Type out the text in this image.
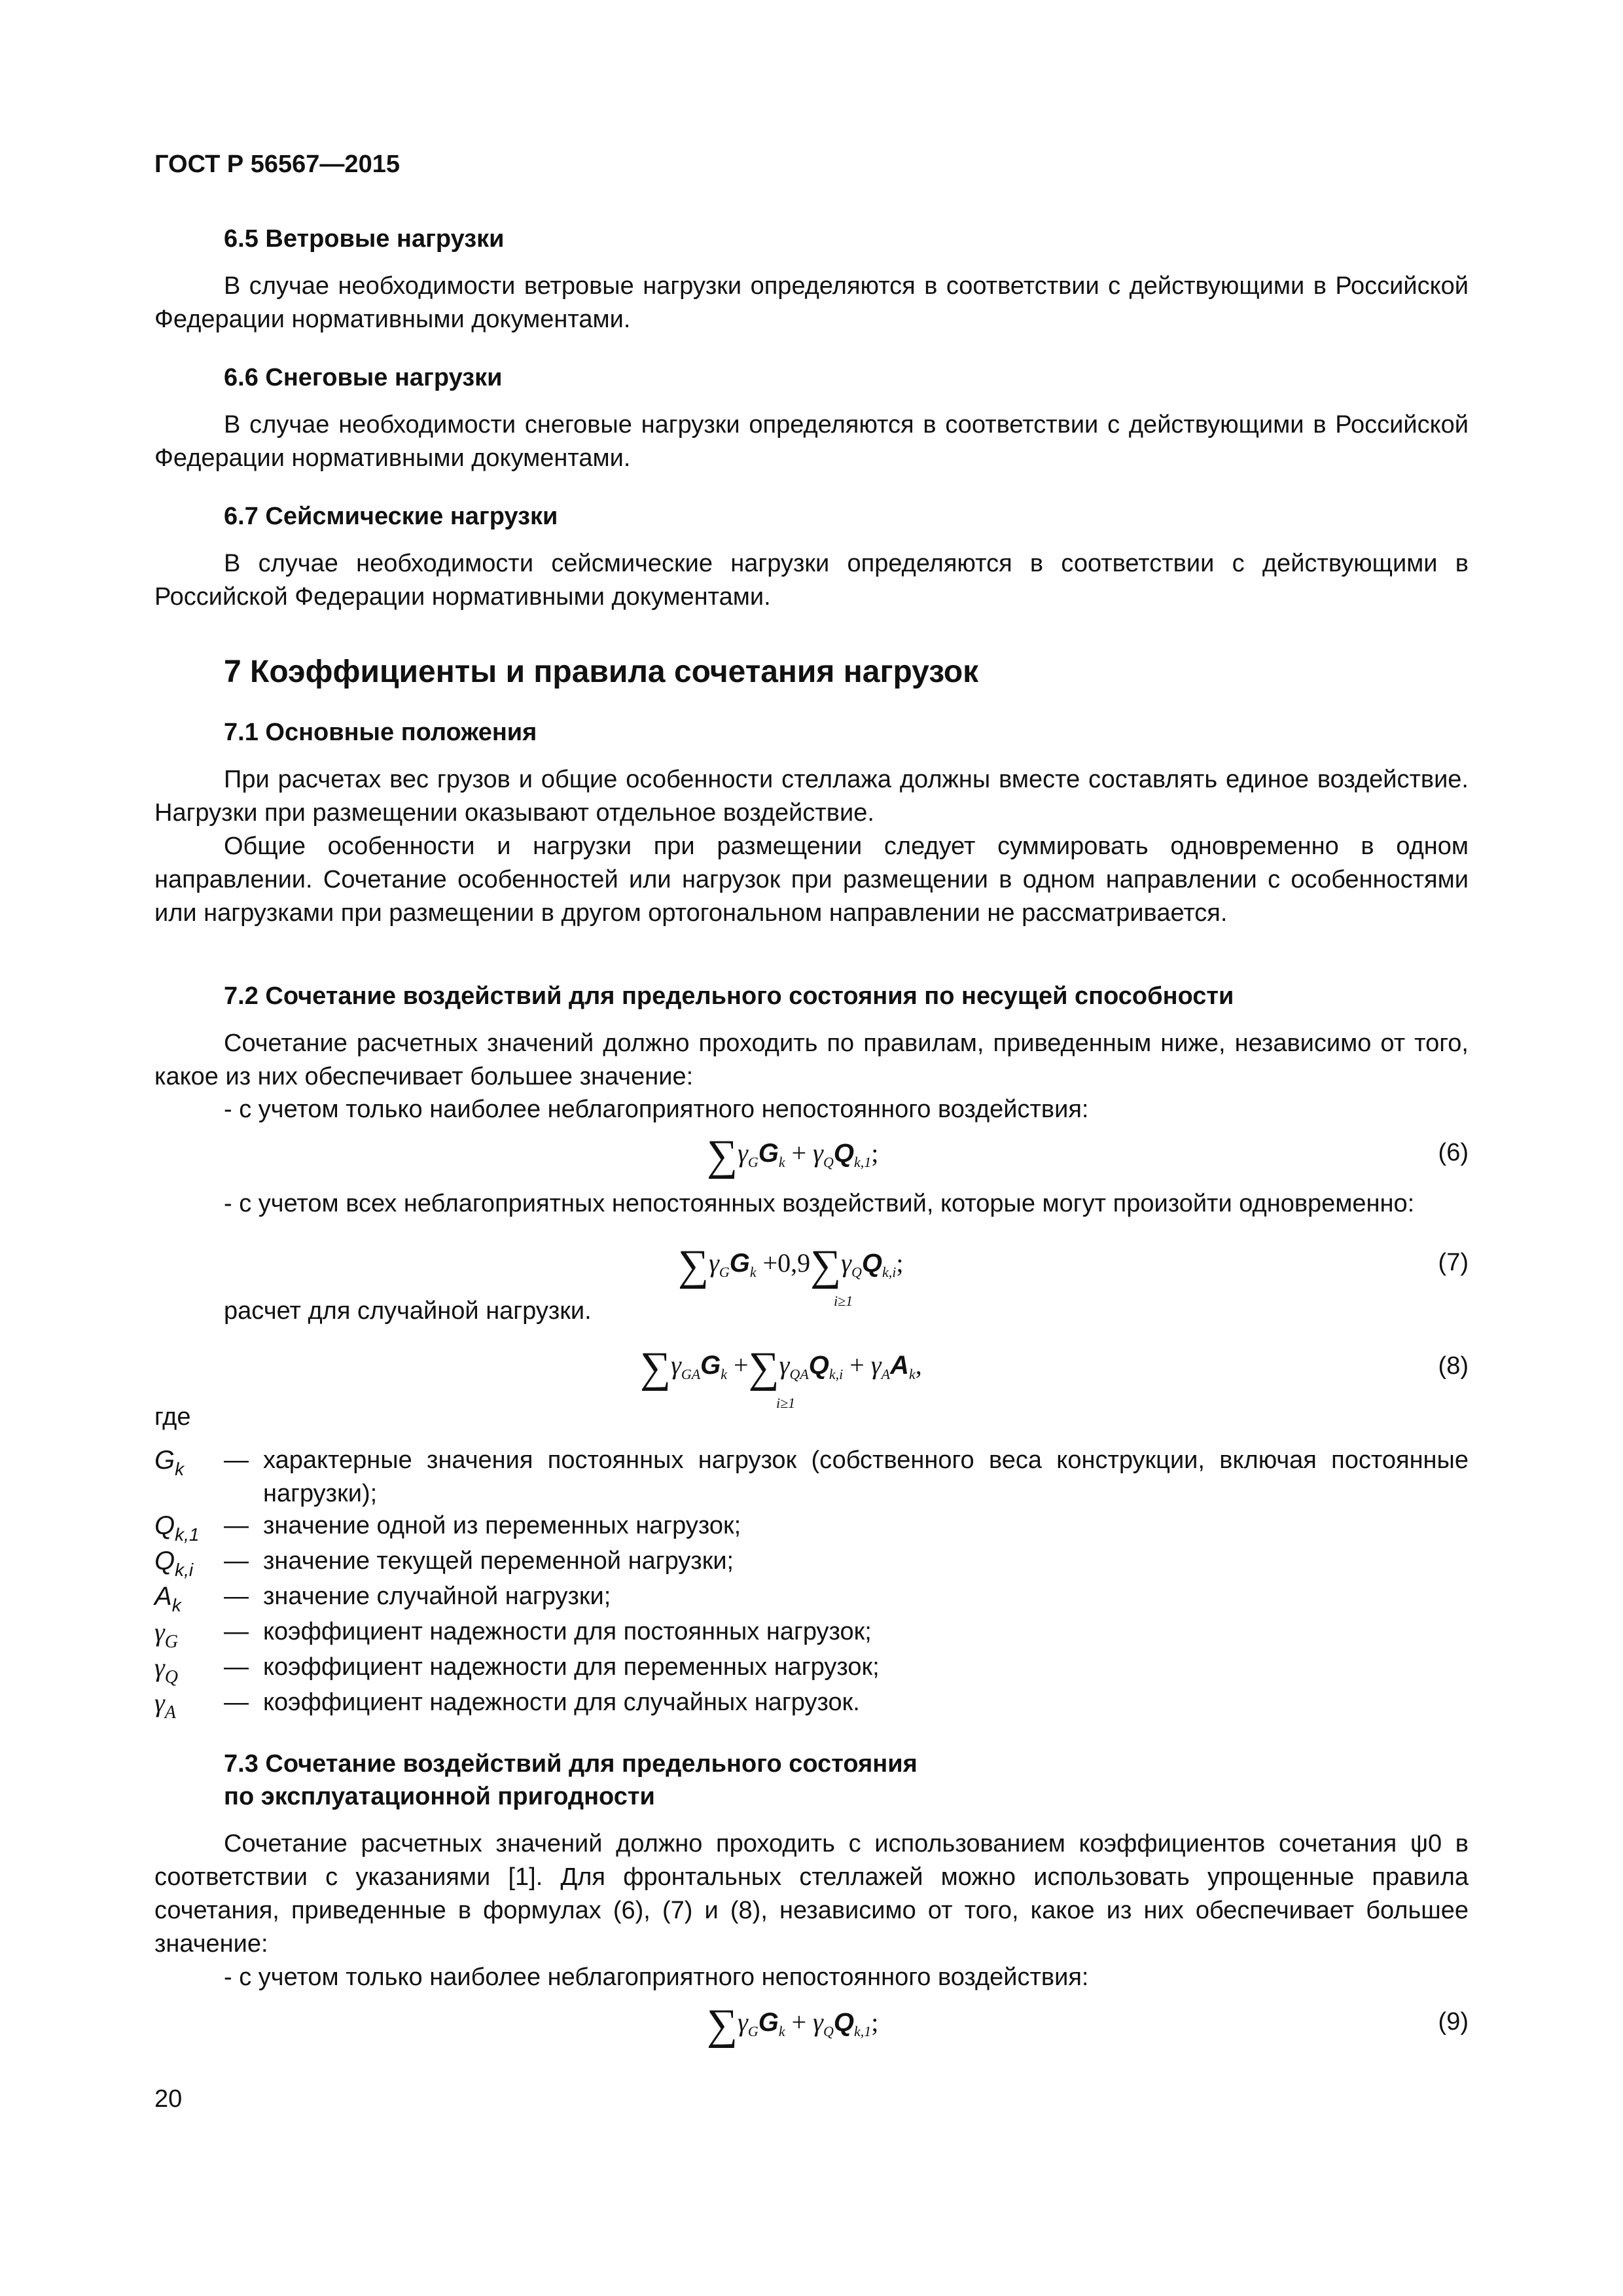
ГОСТ Р 56567—2015
6.5 Ветровые нагрузки
В случае необходимости ветровые нагрузки определяются в соответствии с действующими в Российской Федерации нормативными документами.
6.6 Снеговые нагрузки
В случае необходимости снеговые нагрузки определяются в соответствии с действующими в Российской Федерации нормативными документами.
6.7 Сейсмические нагрузки
В случае необходимости сейсмические нагрузки определяются в соответствии с действующими в Российской Федерации нормативными документами.
7 Коэффициенты и правила сочетания нагрузок
7.1 Основные положения
При расчетах вес грузов и общие особенности стеллажа должны вместе составлять единое воздействие. Нагрузки при размещении оказывают отдельное воздействие.
Общие особенности и нагрузки при размещении следует суммировать одновременно в одном направлении. Сочетание особенностей или нагрузок при размещении в одном направлении с особенностями или нагрузками при размещении в другом ортогональном направлении не рассматривается.
7.2 Сочетание воздействий для предельного состояния по несущей способности
Сочетание расчетных значений должно проходить по правилам, приведенным ниже, независимо от того, какое из них обеспечивает большее значение:
- с учетом только наиболее неблагоприятного непостоянного воздействия:
$\sum\gamma_GG_k + \gamma_QQ_{k,1}$;	(6)
- с учетом всех неблагоприятных непостоянных воздействий, которые могут произойти одновременно:
$\sum\gamma_GG_k +0,9\sum\gamma_QQ_{k,i}$;
i≥1
(7)
расчет для случайной нагрузки.
$\sum\gamma_{GA}G_k +\sum\gamma_{QA}Q_{k,i} + \gamma_AA_k$,
i≥1
(8)
где
$G_k$ — характерные значения постоянных нагрузок (собственного веса конструкции, включая постоянные нагрузки);
$Q_{k,1}$ — значение одной из переменных нагрузок;
$Q_{k,i}$ — значение текущей переменной нагрузки;
$A_k$ — значение случайной нагрузки;
$\gamma_G$ — коэффициент надежности для постоянных нагрузок;
$\gamma_Q$ — коэффициент надежности для переменных нагрузок;
$\gamma_A$ — коэффициент надежности для случайных нагрузок.
7.3 Сочетание воздействий для предельного состояния
по эксплуатационной пригодности
Сочетание расчетных значений должно проходить с использованием коэффициентов сочетания ψ0 в соответствии с указаниями [1]. Для фронтальных стеллажей можно использовать упрощенные правила сочетания, приведенные в формулах (6), (7) и (8), независимо от того, какое из них обеспечивает большее значение:
- с учетом только наиболее неблагоприятного непостоянного воздействия:
$\sum\gamma_GG_k + \gamma_QQ_{k,1}$;	(9)
20
